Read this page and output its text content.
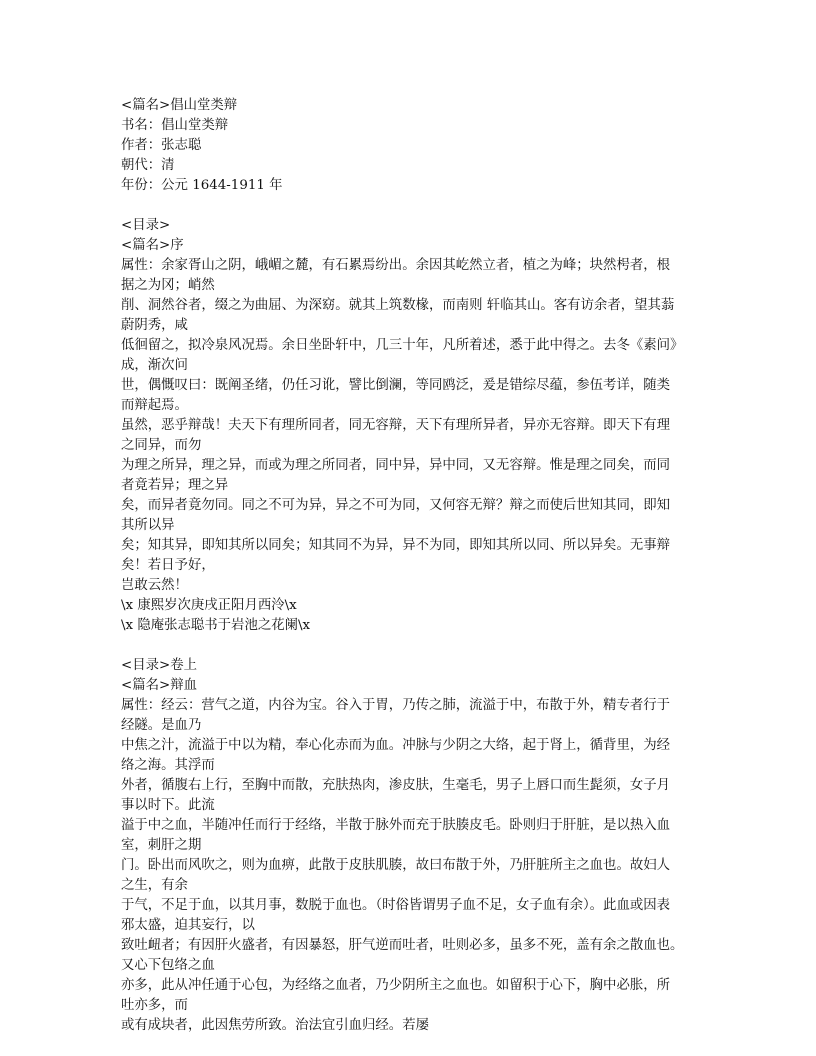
<篇名>倡山堂类辩
书名：倡山堂类辩
作者：张志聪
朝代：清
年份：公元 1644-1911 年
<目录>
<篇名>序
属性：余家胥山之阴，峨嵋之麓，有石累焉纷出。余因其屹然立者，植之为峰；块然枵者，根
据之为冈；峭然
削、洞然谷者，缀之为曲屈、为深窈。就其上筑数椽，而南则 轩临其山。客有访余者，望其蓊
蔚阴秀，咸
低徊留之，拟冷泉风况焉。余日坐卧轩中，几三十年，凡所着述，悉于此中得之。去冬《素问》
成，渐次问
世，偶慨叹曰：既阐圣绪，仍任习讹，譬比倒澜，等同鸥泛，爰是错综尽蕴，参伍考详，随类
而辩起焉。
虽然，恶乎辩哉！夫天下有理所同者，同无容辩，天下有理所异者，异亦无容辩。即天下有理
之同异，而勿
为理之所异，理之异，而或为理之所同者，同中异，异中同，又无容辩。惟是理之同矣，而同
者竟若异；理之异
矣，而异者竟勿同。同之不可为异，异之不可为同，又何容无辩？辩之而使后世知其同，即知
其所以异
矣；知其异，即知其所以同矣；知其同不为异，异不为同，即知其所以同、所以异矣。无事辩
矣！若日予好，
岂敢云然！
\x 康熙岁次庚戌正阳月西泠\x
\x 隐庵张志聪书于岩池之花阑\x
<目录>卷上
<篇名>辩血
属性：经云：营气之道，内谷为宝。谷入于胃，乃传之肺，流溢于中，布散于外，精专者行于
经隧。是血乃
中焦之汁，流溢于中以为精，奉心化赤而为血。冲脉与少阴之大络，起于肾上，循背里，为经
络之海。其浮而
外者，循腹右上行，至胸中而散，充肤热肉，渗皮肤，生毫毛，男子上唇口而生髭须，女子月
事以时下。此流
溢于中之血，半随冲任而行于经络，半散于脉外而充于肤腠皮毛。卧则归于肝脏，是以热入血
室，刺肝之期
门。卧出而风吹之，则为血痹，此散于皮肤肌腠，故曰布散于外，乃肝脏所主之血也。故妇人
之生，有余
于气，不足于血，以其月事，数脱于血也。（时俗皆谓男子血不足，女子血有余）。此血或因表
邪太盛，迫其妄行，以
致吐衄者；有因肝火盛者，有因暴怒，肝气逆而吐者，吐则必多，虽多不死，盖有余之散血也。
又心下包络之血
亦多，此从冲任通于心包，为经络之血者，乃少阴所主之血也。如留积于心下，胸中必胀，所
吐亦多，而
或有成块者，此因焦劳所致。治法宜引血归经。若屡
